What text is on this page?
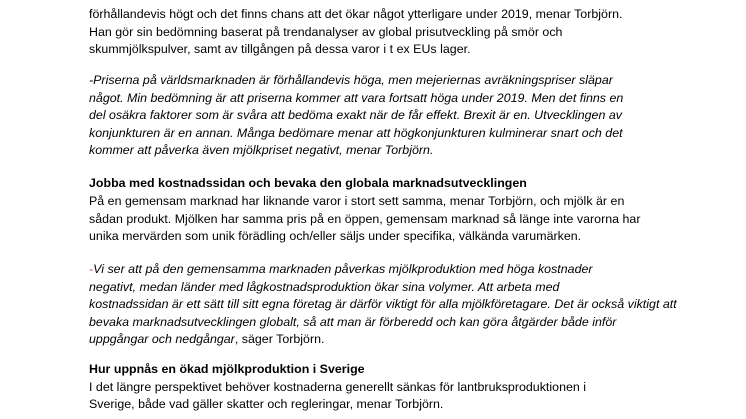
förhållandevis högt och det finns chans att det ökar något ytterligare under 2019, menar Torbjörn.
Han gör sin bedömning baserat på trendanalyser av global prisutveckling på smör och
skummjölkspulver, samt av tillgången på dessa varor i t ex EUs lager.
-Priserna på världsmarknaden är förhållandevis höga, men mejeriernas avräkningspriser släpar
något. Min bedömning är att priserna kommer att vara fortsatt höga under 2019. Men det finns en
del osäkra faktorer som är svåra att bedöma exakt när de får effekt. Brexit är en. Utvecklingen av
konjunkturen är en annan. Många bedömare menar att högkonjunkturen kulminerar snart och det
kommer att påverka även mjölkpriset negativt, menar Torbjörn.
Jobba med kostnadssidan och bevaka den globala marknadsutvecklingen
På en gemensam marknad har liknande varor i stort sett samma, menar Torbjörn, och mjölk är en
sådan produkt. Mjölken har samma pris på en öppen, gemensam marknad så länge inte varorna har
unika mervärden som unik förädling och/eller säljs under specifika, välkända varumärken.
-Vi ser att på den gemensamma marknaden påverkas mjölkproduktion med höga kostnader
negativt, medan länder med lågkostnadsproduktion ökar sina volymer. Att arbeta med
kostnadssidan är ett sätt till sitt egna företag är därför viktigt för alla mjölkföretagare. Det är också viktigt att
bevaka marknadsutvecklingen globalt, så att man är förberedd och kan göra åtgärder både inför
uppgångar och nedgångar, säger Torbjörn.
Hur uppnås en ökad mjölkproduktion i Sverige
I det längre perspektivet behöver kostnaderna generellt sänkas för lantbruksproduktionen i
Sverige, både vad gäller skatter och regleringar, menar Torbjörn.
